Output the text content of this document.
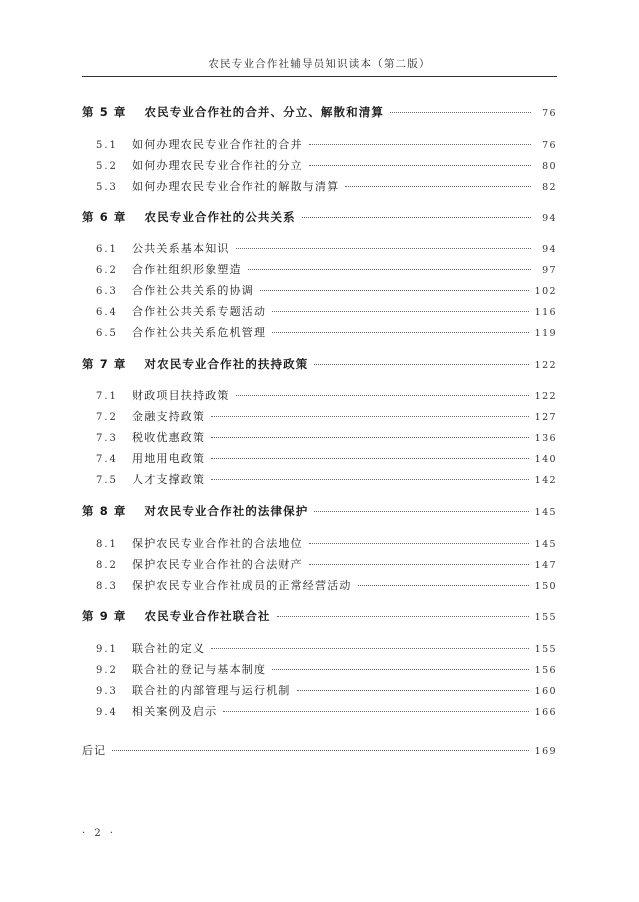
农民专业合作社辅导员知识读本（第二版）
第 5 章 农民专业合作社的合并、分立、解散和清算	76
5.1	如何办理农民专业合作社的合并	76
5.2	如何办理农民专业合作社的分立	80
5.3	如何办理农民专业合作社的解散与清算	82
第 6 章 农民专业合作社的公共关系	94
6.1	公共关系基本知识	94
6.2	合作社组织形象塑造	97
6.3	合作社公共关系的协调	102
6.4	合作社公共关系专题活动	116
6.5	合作社公共关系危机管理	119
第 7 章 对农民专业合作社的扶持政策	122
7.1	财政项目扶持政策	122
7.2	金融支持政策	127
7.3	税收优惠政策	136
7.4	用地用电政策	140
7.5	人才支撑政策	142
第 8 章 对农民专业合作社的法律保护	145
8.1	保护农民专业合作社的合法地位	145
8.2	保护农民专业合作社的合法财产	147
8.3	保护农民专业合作社成员的正常经营活动	150
第 9 章 农民专业合作社联合社	155
9.1	联合社的定义	155
9.2	联合社的登记与基本制度	156
9.3	联合社的内部管理与运行机制	160
9.4	相关案例及启示	166
后记	169
· 2 ·
